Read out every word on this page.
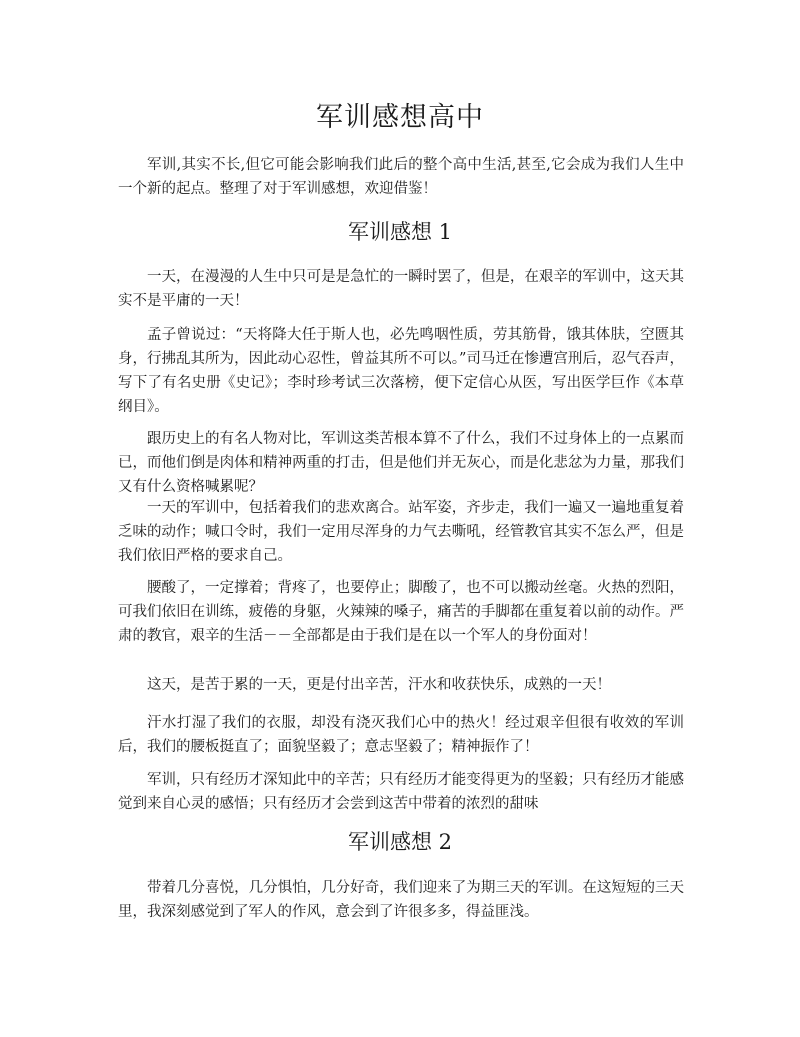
军训感想高中

军训,其实不长,但它可能会影响我们此后的整个高中生活,甚至,它会成为我们人生中一个新的起点。整理了对于军训感想，欢迎借鉴！

军训感想 1

一天，在漫漫的人生中只可是是急忙的一瞬时罢了，但是，在艰辛的军训中，这天其实不是平庸的一天！

孟子曾说过：“天将降大任于斯人也，必先鸣咽性质，劳其筋骨，饿其体肤，空匮其身，行拂乱其所为，因此动心忍性，曾益其所不可以。”司马迁在惨遭宫刑后，忍气吞声，写下了有名史册《史记》；李时珍考试三次落榜，便下定信心从医，写出医学巨作《本草纲目》。

跟历史上的有名人物对比，军训这类苦根本算不了什么，我们不过身体上的一点累而已，而他们倒是肉体和精神两重的打击，但是他们并无灰心，而是化悲忿为力量，那我们又有什么资格喊累呢？

一天的军训中，包括着我们的悲欢离合。站军姿，齐步走，我们一遍又一遍地重复着乏味的动作；喊口令时，我们一定用尽浑身的力气去嘶吼，经管教官其实不怎么严，但是我们依旧严格的要求自己。

腰酸了，一定撑着；背疼了，也要停止；脚酸了，也不可以搬动丝毫。火热的烈阳，可我们依旧在训练，疲倦的身躯，火辣辣的嗓子，痛苦的手脚都在重复着以前的动作。严肃的教官，艰辛的生活－－全部都是由于我们是在以一个军人的身份面对！

这天，是苦于累的一天，更是付出辛苦，汗水和收获快乐，成熟的一天！

汗水打湿了我们的衣服，却没有浇灭我们心中的热火！经过艰辛但很有收效的军训后，我们的腰板挺直了；面貌坚毅了；意志坚毅了；精神振作了！

军训，只有经历才深知此中的辛苦；只有经历才能变得更为的坚毅；只有经历才能感觉到来自心灵的感悟；只有经历才会尝到这苦中带着的浓烈的甜味

军训感想 2

带着几分喜悦，几分惧怕，几分好奇，我们迎来了为期三天的军训。在这短短的三天里，我深刻感觉到了军人的作风，意会到了许很多多，得益匪浅。
